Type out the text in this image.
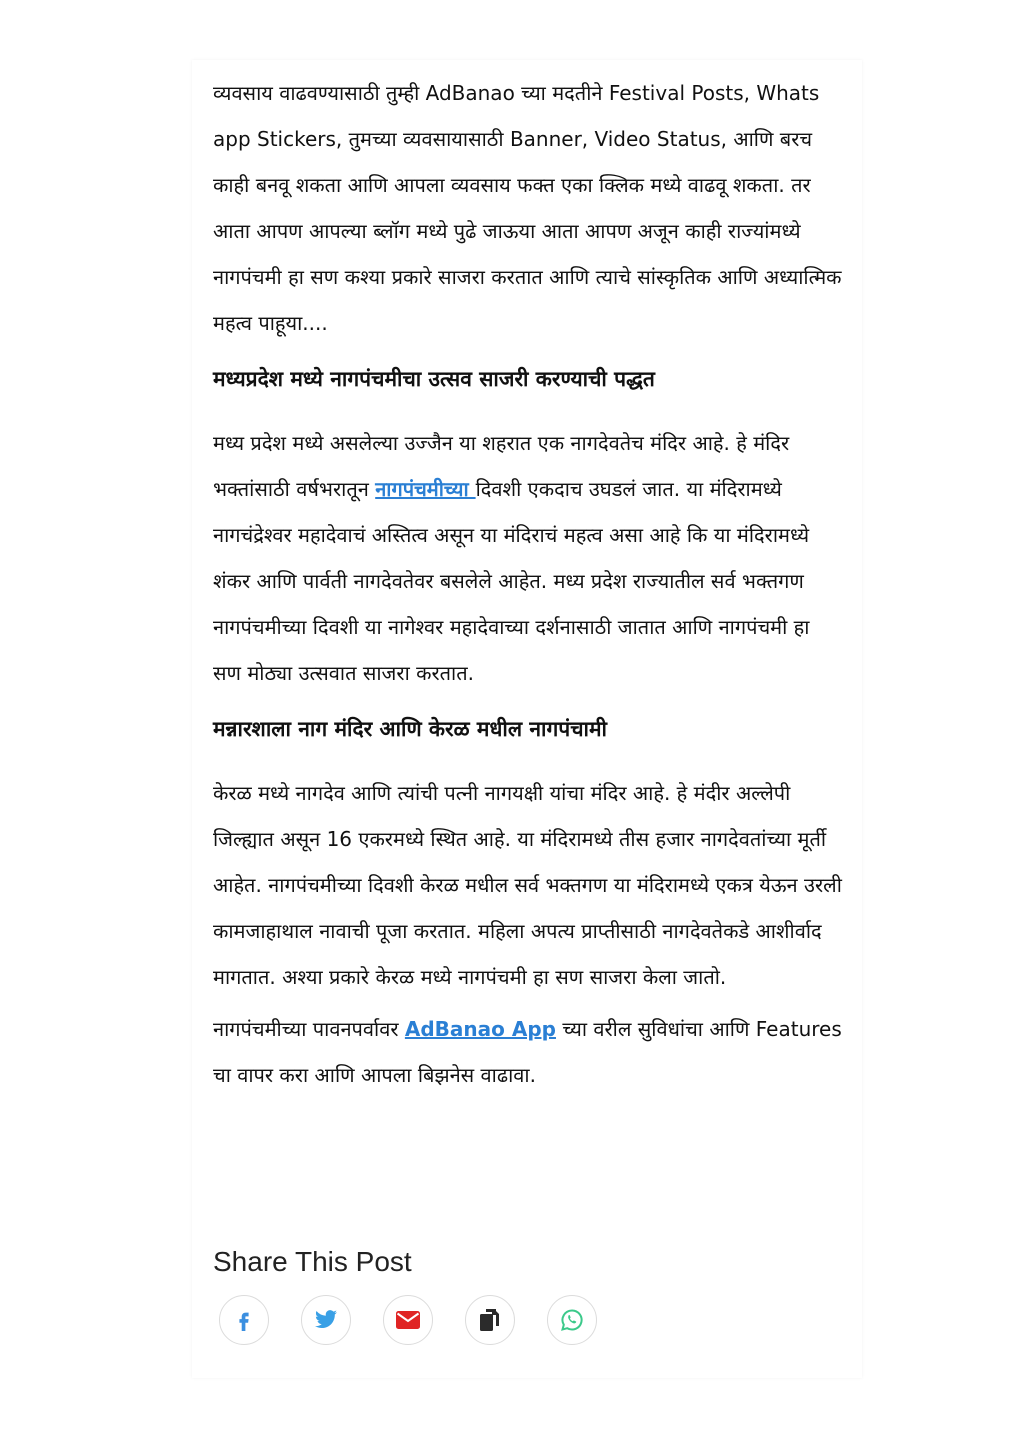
व्यवसाय वाढवण्यासाठी तुम्ही AdBanao च्या मदतीने Festival Posts, Whats app Stickers, तुमच्या व्यवसायासाठी Banner, Video Status, आणि बरच काही बनवू शकता आणि आपला व्यवसाय फक्त एका क्लिक मध्ये वाढवू शकता. तर आता आपण आपल्या ब्लॉग मध्ये पुढे जाऊया आता आपण अजून काही राज्यांमध्ये नागपंचमी हा सण कश्या प्रकारे साजरा करतात आणि त्याचे सांस्कृतिक आणि अध्यात्मिक महत्व पाहूया....

मध्यप्रदेश मध्ये नागपंचमीचा उत्सव साजरी करण्याची पद्धत

मध्य प्रदेश मध्ये असलेल्या उज्जैन या शहरात एक नागदेवतेच मंदिर आहे. हे मंदिर भक्तांसाठी वर्षभरातून नागपंचमीच्या दिवशी एकदाच उघडलं जात. या मंदिरामध्ये नागचंद्रेश्वर महादेवाचं अस्तित्व असून या मंदिराचं महत्व असा आहे कि या मंदिरामध्ये शंकर आणि पार्वती नागदेवतेवर बसलेले आहेत. मध्य प्रदेश राज्यातील सर्व भक्तगण नागपंचमीच्या दिवशी या नागेश्वर महादेवाच्या दर्शनासाठी जातात आणि नागपंचमी हा सण मोठ्या उत्सवात साजरा करतात.

मन्नारशाला नाग मंदिर आणि केरळ मधील नागपंचामी

केरळ मध्ये नागदेव आणि त्यांची पत्नी नागयक्षी यांचा मंदिर आहे. हे मंदीर अल्लेपी जिल्ह्यात असून 16 एकरमध्ये स्थित आहे. या मंदिरामध्ये तीस हजार नागदेवतांच्या मूर्ती आहेत. नागपंचमीच्या दिवशी केरळ मधील सर्व भक्तगण या मंदिरामध्ये एकत्र येऊन उरली कामजाहाथाल नावाची पूजा करतात. महिला अपत्य प्राप्तीसाठी नागदेवतेकडे आशीर्वाद मागतात. अश्या प्रकारे केरळ मध्ये नागपंचमी हा सण साजरा केला जातो.

नागपंचमीच्या पावनपर्वावर AdBanao App च्या वरील सुविधांचा आणि Features चा वापर करा आणि आपला बिझनेस वाढावा.

Share This Post
